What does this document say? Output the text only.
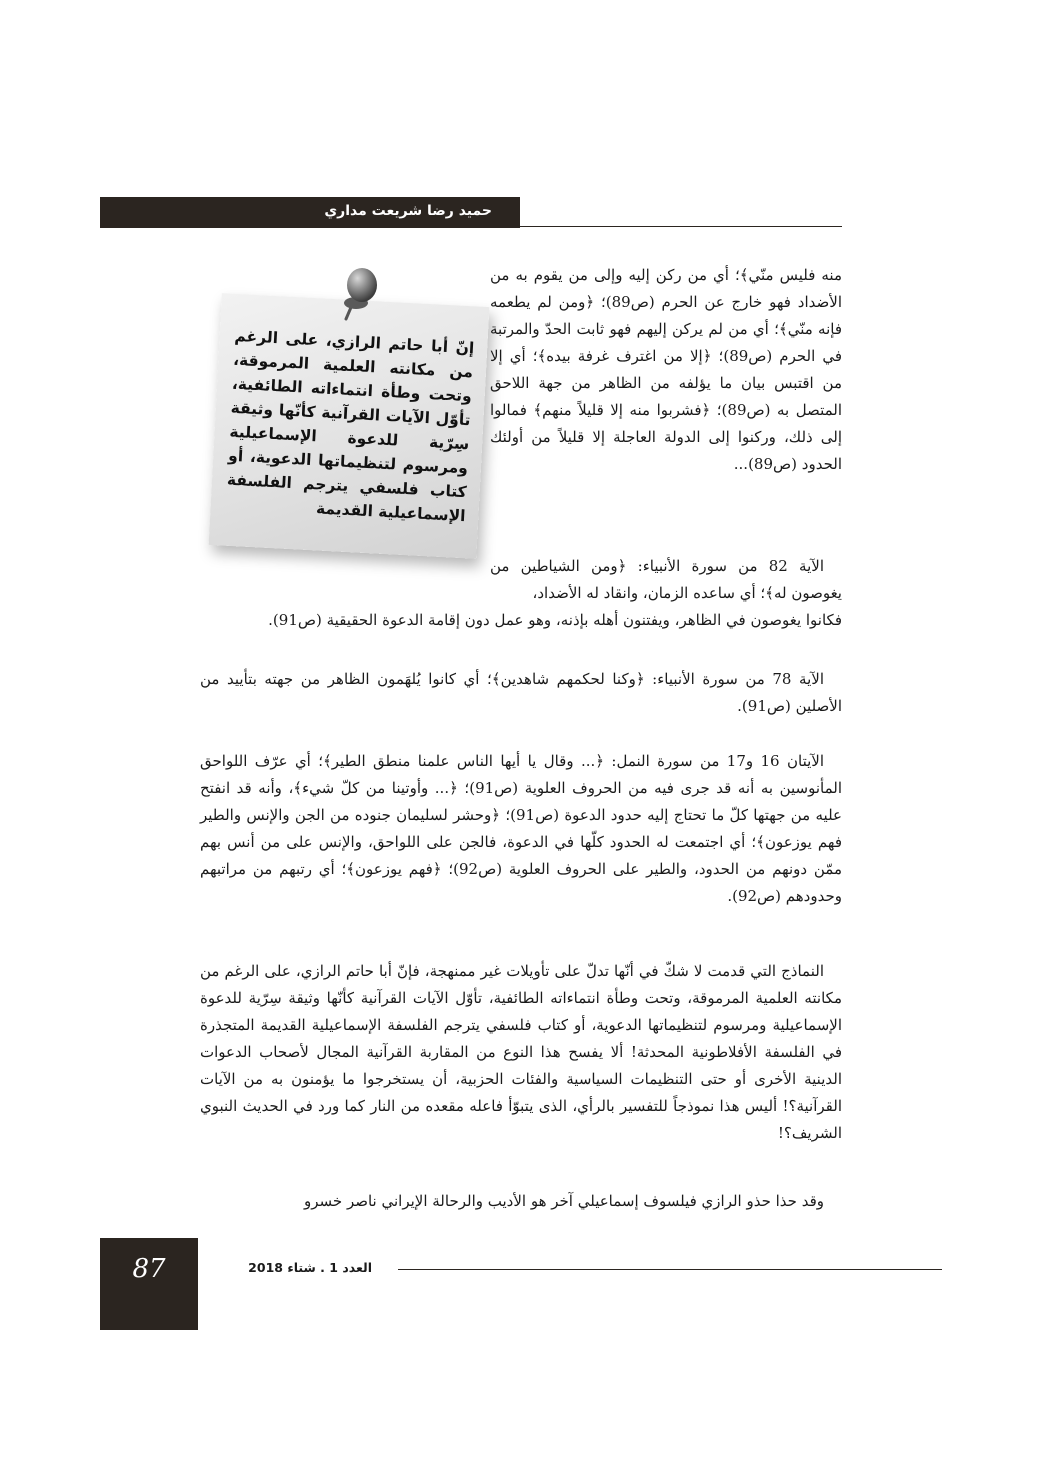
حميد رضا شريعت مداري
إنّ أبا حاتم الرازي، على الرغم من مكانته العلمية المرموقة، وتحت وطأة انتماءاته الطائفية، تأوّل الآيات القرآنية كأنّها وثيقة سِرّية للدعوة الإسماعيلية ومرسوم لتنظيماتها الدعوية، أو كتاب فلسفي يترجم الفلسفة الإسماعيلية القديمة
منه فليس منّي﴾؛ أي من ركن إليه وإلى من يقوم به من الأضداد فهو خارج عن الحرم (ص89)؛ ﴿ومن لم يطعمه فإنه منّي﴾؛ أي من لم يركن إليهم فهو ثابت الحدّ والمرتبة في الحرم (ص89)؛ ﴿إلا من اغترف غرفة بيده﴾؛ أي إلا من اقتبس بيان ما يؤلفه من الظاهر من جهة اللاحق المتصل به (ص89)؛ ﴿فشربوا منه إلا قليلاً منهم﴾ فمالوا إلى ذلك، وركنوا إلى الدولة العاجلة إلا قليلاً من أولئك الحدود (ص89)...
الآية 82 من سورة الأنبياء: ﴿ومن الشياطين من يغوصون له﴾؛ أي ساعده الزمان، وانقاد له الأضداد،
فكانوا يغوصون في الظاهر، ويفتنون أهله بإذنه، وهو عمل دون إقامة الدعوة الحقيقية (ص91).
الآية 78 من سورة الأنبياء: ﴿وكنا لحكمهم شاهدين﴾؛ أي كانوا يُلهَمون الظاهر من جهته بتأييد من الأصلين (ص91).
الآيتان 16 و17 من سورة النمل: ﴿... وقال يا أيها الناس علمنا منطق الطير﴾؛ أي عرّف اللواحق المأنوسين به أنه قد جرى فيه من الحروف العلوية (ص91)؛ ﴿... وأوتينا من كلّ شيء﴾، وأنه قد انفتح عليه من جهتها كلّ ما تحتاج إليه حدود الدعوة (ص91)؛ ﴿وحشر لسليمان جنوده من الجن والإنس والطير فهم يوزعون﴾؛ أي اجتمعت له الحدود كلّها في الدعوة، فالجن على اللواحق، والإنس على من أنس بهم ممّن دونهم من الحدود، والطير على الحروف العلوية (ص92)؛ ﴿فهم يوزعون﴾؛ أي رتبهم من مراتبهم وحدودهم (ص92).
النماذج التي قدمت لا شكّ في أنّها تدلّ على تأويلات غير ممنهجة، فإنّ أبا حاتم الرازي، على الرغم من مكانته العلمية المرموقة، وتحت وطأة انتماءاته الطائفية، تأوّل الآيات القرآنية كأنّها وثيقة سِرّية للدعوة الإسماعيلية ومرسوم لتنظيماتها الدعوية، أو كتاب فلسفي يترجم الفلسفة الإسماعيلية القديمة المتجذرة في الفلسفة الأفلاطونية المحدثة! ألا يفسح هذا النوع من المقاربة القرآنية المجال لأصحاب الدعوات الدينية الأخرى أو حتى التنظيمات السياسية والفئات الحزبية، أن يستخرجوا ما يؤمنون به من الآيات القرآنية؟! أليس هذا نموذجاً للتفسير بالرأي، الذى يتبوّأ فاعله مقعده من النار كما ورد في الحديث النبوي الشريف؟!
وقد حذا حذو الرازي فيلسوف إسماعيلي آخر هو الأديب والرحالة الإيراني ناصر خسرو
87	العدد 1 . شتاء 2018
